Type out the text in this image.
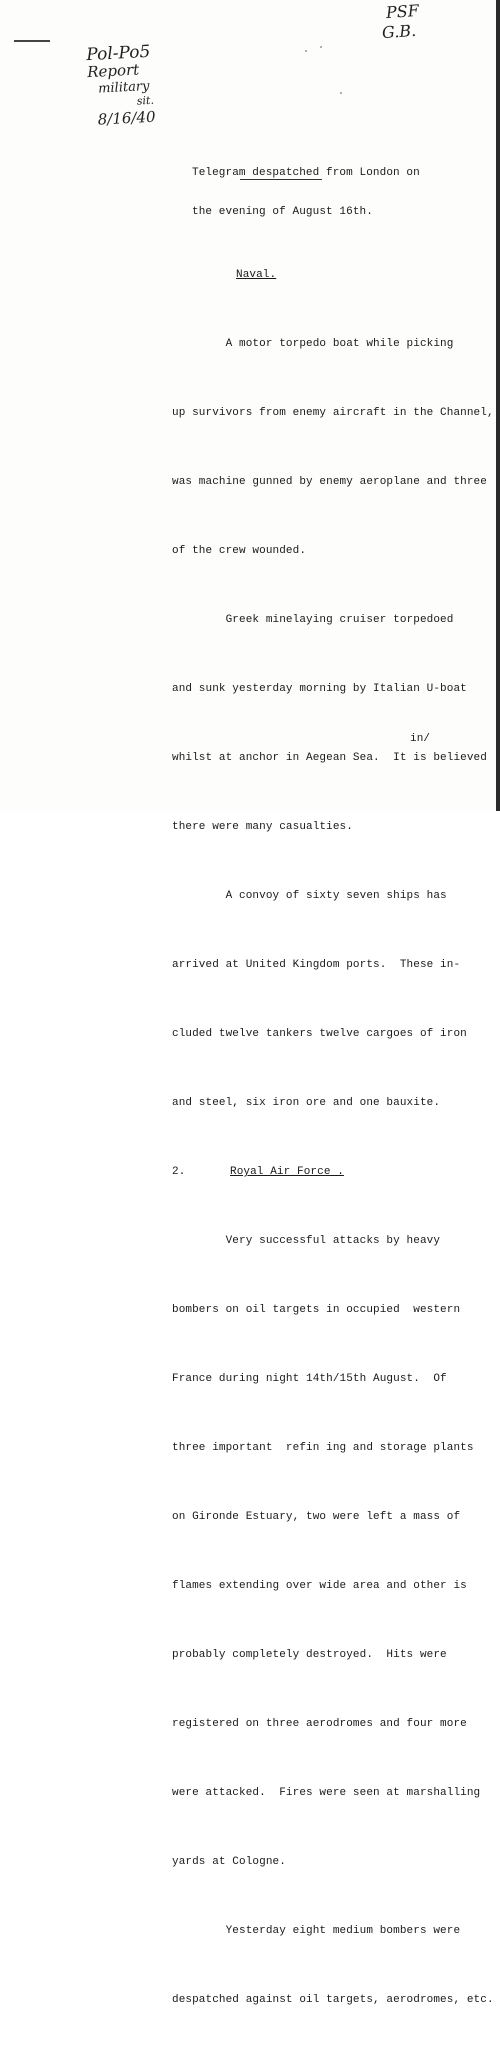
PSF
G.B.
Pol-Po5
Report
military
sit.
8/16/40

Telegram despatched from London on

the evening of August 16th.

Naval.

A motor torpedo boat while picking

up survivors from enemy aircraft in the Channel,

was machine gunned by enemy aeroplane and three

of the crew wounded.

Greek minelaying cruiser torpedoed

and sunk yesterday morning by Italian U-boat

whilst at anchor in Aegean Sea.  It is believed

there were many casualties.

A convoy of sixty seven ships has

arrived at United Kingdom ports.  These in-

cluded twelve tankers twelve cargoes of iron

and steel, six iron ore and one bauxite.

2.	Royal Air Force .

Very successful attacks by heavy

bombers on oil targets in occupied  western

France during night 14th/15th August.  Of

three important  refin ing and storage plants

on Gironde Estuary, two were left a mass of

flames extending over wide area and other is

probably completely destroyed.  Hits were

registered on three aerodromes and four more

were attacked.  Fires were seen at marshalling

yards at Cologne.

Yesterday eight medium bombers were

despatched against oil targets, aerodromes, etc.

in/
